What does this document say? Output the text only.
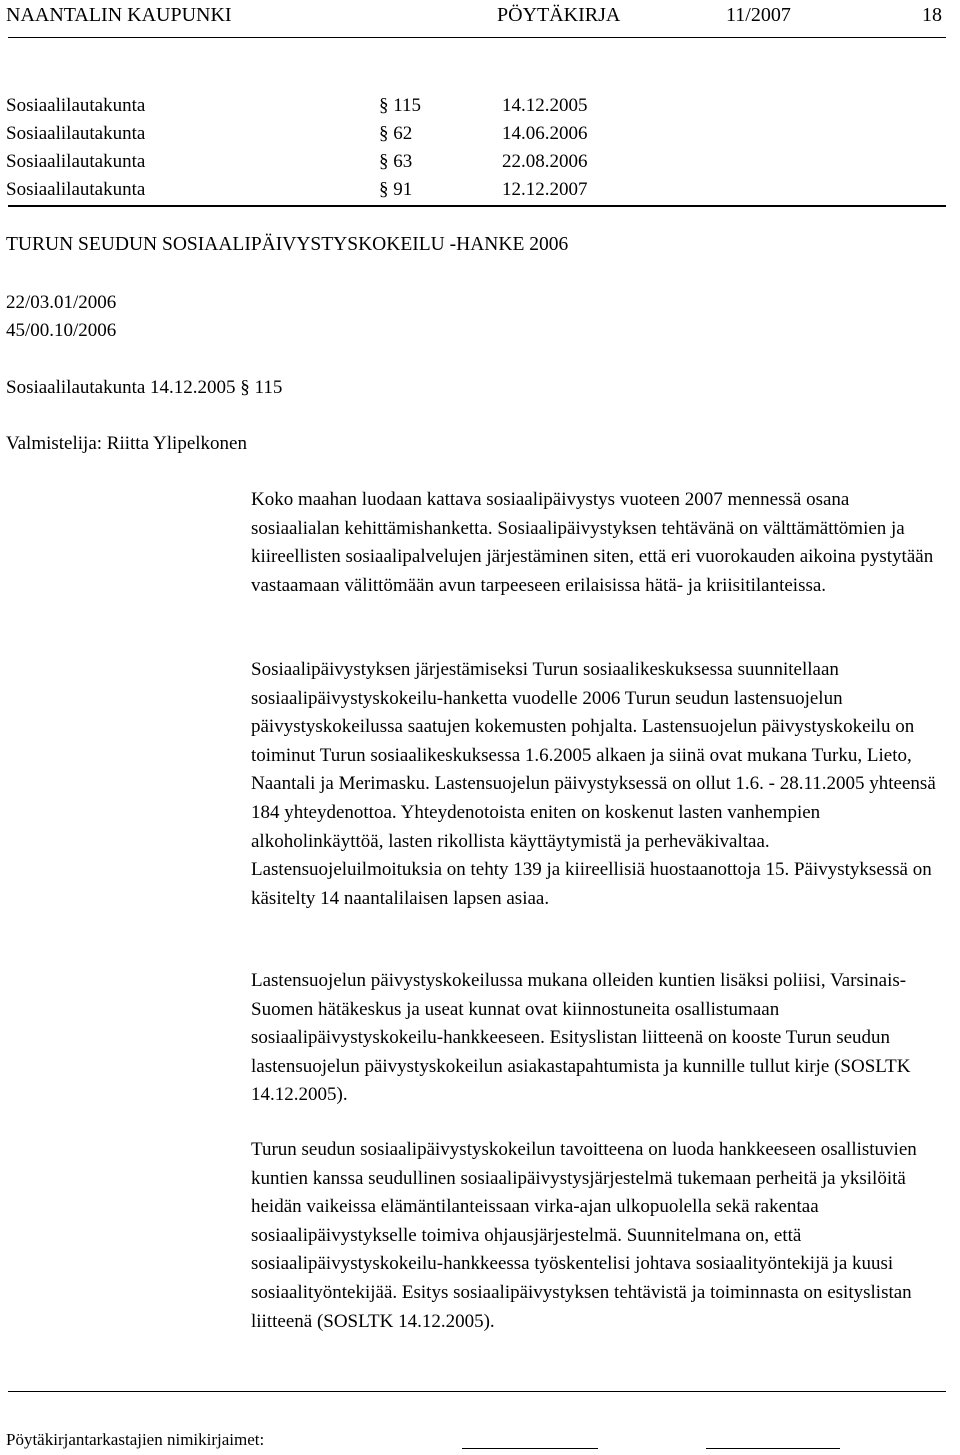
NAANTALIN KAUPUNKI	PÖYTÄKIRJA	11/2007	18
Sosiaalilautakunta	§ 115	14.12.2005
Sosiaalilautakunta	§ 62	14.06.2006
Sosiaalilautakunta	§ 63	22.08.2006
Sosiaalilautakunta	§ 91	12.12.2007
TURUN SEUDUN SOSIAALIPÄIVYSTYSKOKEILU -HANKE 2006
22/03.01/2006
45/00.10/2006
Sosiaalilautakunta 14.12.2005 § 115
Valmistelija: Riitta Ylipelkonen

Koko maahan luodaan kattava sosiaalipäivystys vuoteen 2007 mennessä osana sosiaalialan kehittämishanketta. Sosiaalipäivystyksen tehtävänä on välttämättömien ja kiireellisten sosiaalipalvelujen järjestäminen siten, että eri vuorokauden aikoina pystytään vastaamaan välittömään avun tarpeeseen erilaisissa hätä- ja kriisitilanteissa.

Sosiaalipäivystyksen järjestämiseksi Turun sosiaalikeskuksessa suunnitellaan sosiaalipäivystyskokeilu-hanketta vuodelle 2006 Turun seudun lastensuojelun päivystyskokeilussa saatujen kokemusten pohjalta. Lastensuojelun päivystyskokeilu on toiminut Turun sosiaalikeskuksessa 1.6.2005 alkaen ja siinä ovat mukana Turku, Lieto, Naantali ja Merimasku. Lastensuojelun päivystyksessä on ollut 1.6. - 28.11.2005 yhteensä 184 yhteydenottoa. Yhteydenotoista eniten on koskenut lasten vanhempien alkoholinkäyttöä, lasten rikollista käyttäytymistä ja perheväkivaltaa. Lastensuojeluilmoituksia on tehty 139 ja kiireellisiä huostaanottoja 15. Päivystyksessä on käsitelty 14 naantalilaisen lapsen asiaa.

Lastensuojelun päivystyskokeilussa mukana olleiden kuntien lisäksi poliisi, Varsinais-Suomen hätäkeskus ja useat kunnat ovat kiinnostuneita osallistumaan sosiaalipäivystyskokeilu-hankkeeseen. Esityslistan liitteenä on kooste Turun seudun lastensuojelun päivystyskokeilun asiakastapahtumista ja kunnille tullut kirje (SOSLTK 14.12.2005).

Turun seudun sosiaalipäivystyskokeilun tavoitteena on luoda hankkeeseen osallistuvien kuntien kanssa seudullinen sosiaalipäivystysjärjestelmä tukemaan perheitä ja yksilöitä heidän vaikeissa elämäntilanteissaan virka-ajan ulkopuolella sekä rakentaa sosiaalipäivystykselle toimiva ohjausjärjestelmä. Suunnitelmana on, että sosiaalipäivystyskokeilu-hankkeessa työskentelisi johtava sosiaalityöntekijä ja kuusi sosiaalityöntekijää. Esitys sosiaalipäivystyksen tehtävistä ja toiminnasta on esityslistan liitteenä (SOSLTK 14.12.2005).

Pöytäkirjantarkastajien nimikirjaimet:
